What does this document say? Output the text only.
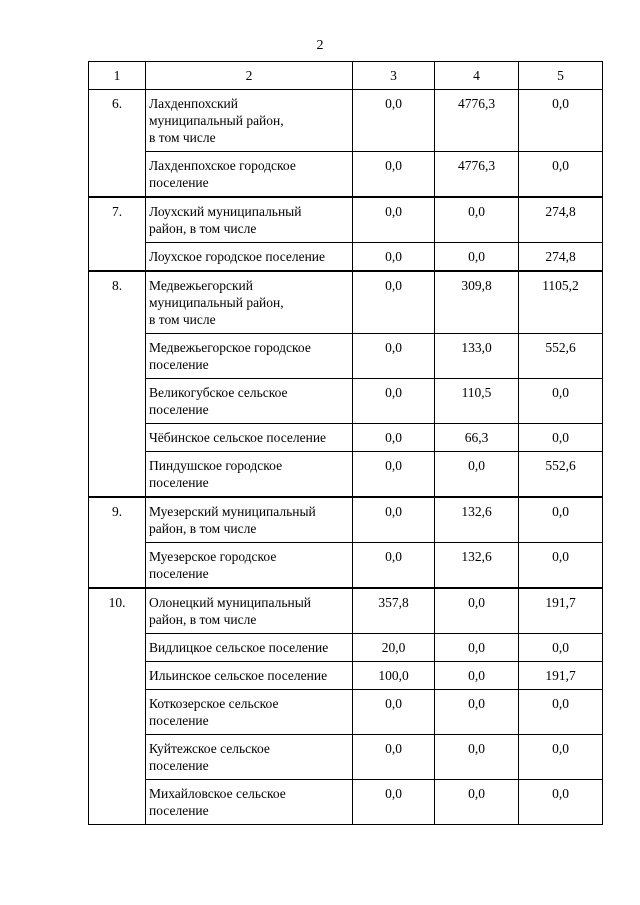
2
1	2	3	4	5

6.	Лахденпохский
муниципальный район,
в том числе	0,0	4776,3	0,0

	Лахденпохское городское
поселение	0,0	4776,3	0,0

7.	Лоухский муниципальный
район, в том числе	0,0	0,0	274,8

	Лоухское городское поселение	0,0	0,0	274,8

8.	Медвежьегорский
муниципальный район,
в том числе	0,0	309,8	1105,2

	Медвежьегорское городское
поселение	0,0	133,0	552,6

	Великогубское сельское
поселение	0,0	110,5	0,0

	Чёбинское сельское поселение	0,0	66,3	0,0

	Пиндушское городское
поселение	0,0	0,0	552,6

9.	Муезерский муниципальный
район, в том числе	0,0	132,6	0,0

	Муезерское городское
поселение	0,0	132,6	0,0

10.	Олонецкий муниципальный
район, в том числе	357,8	0,0	191,7

	Видлицкое сельское поселение	20,0	0,0	0,0

	Ильинское сельское поселение	100,0	0,0	191,7

	Коткозерское сельское
поселение	0,0	0,0	0,0

	Куйтежское сельское
поселение	0,0	0,0	0,0

	Михайловское сельское
поселение	0,0	0,0	0,0
